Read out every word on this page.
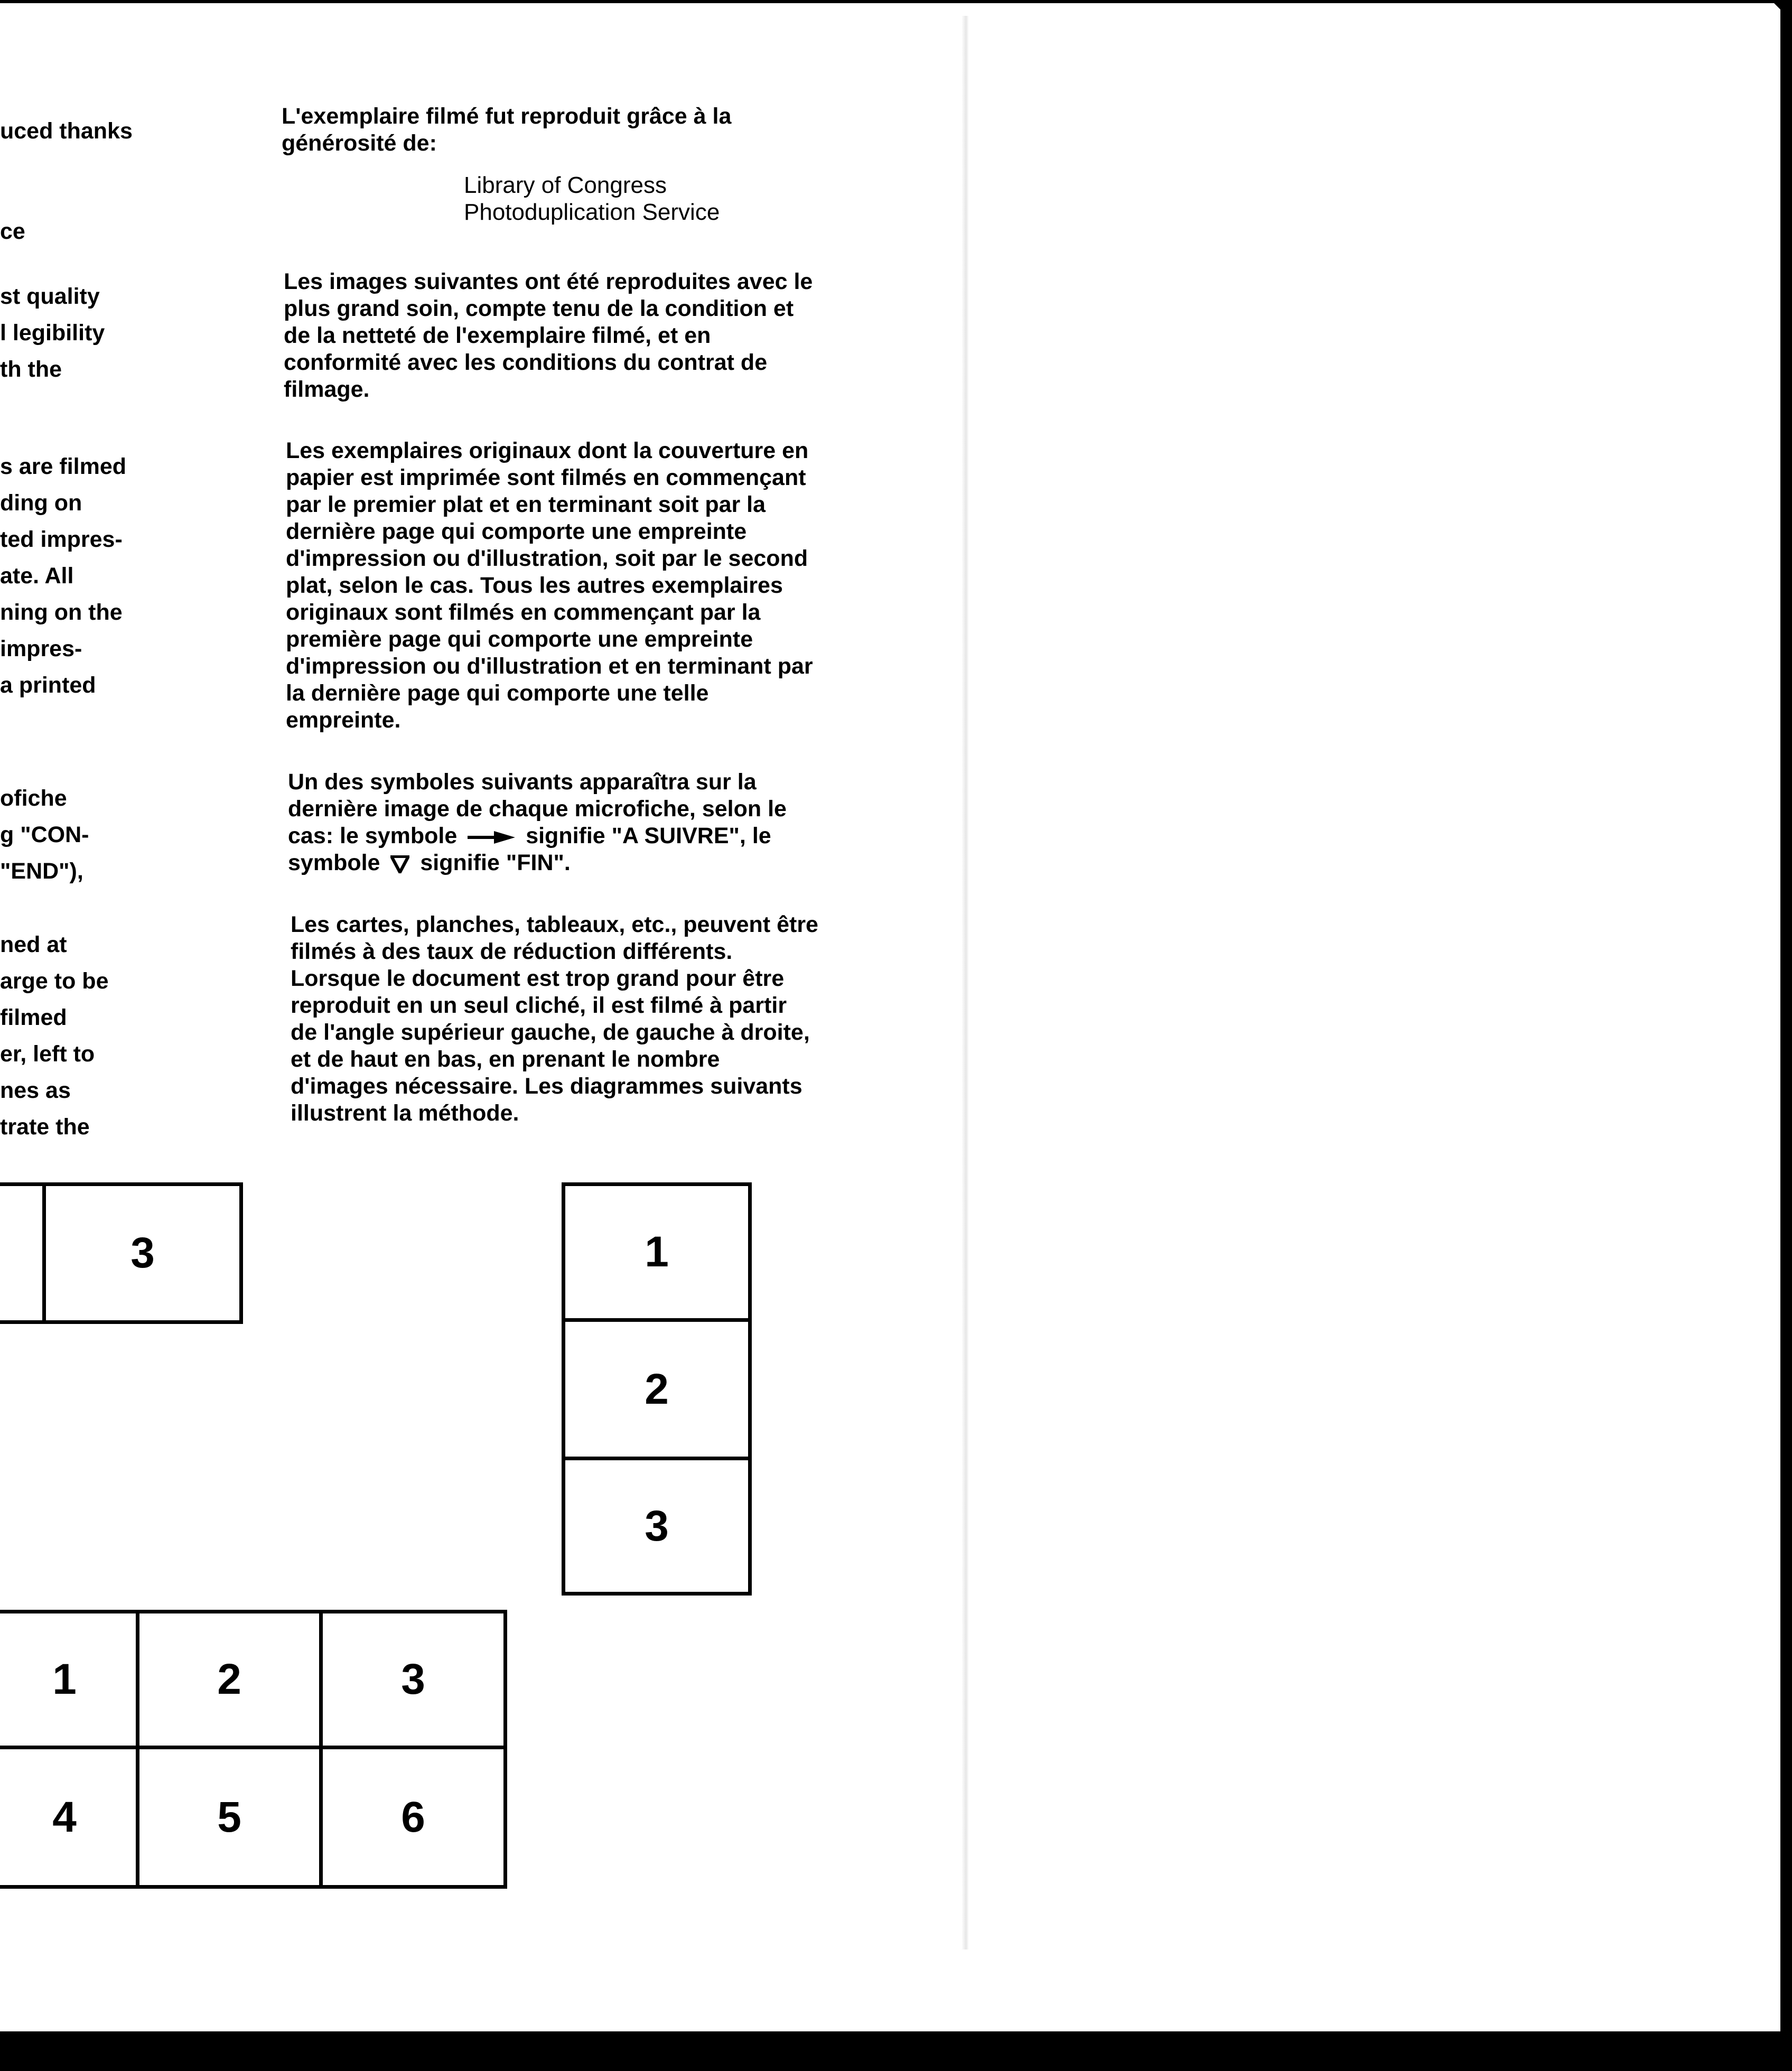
uced thanks

ce

st quality

l legibility

th the

s are filmed

ding on

ted impres-

ate. All

ning on the

impres-

a printed

ofiche

g "CON-

"END"),

ned at

arge to be

filmed

er, left to

nes as

trate the

L'exemplaire filmé fut reproduit grâce à la
générosité de:

Library of Congress
Photoduplication Service

Les images suivantes ont été reproduites avec le
plus grand soin, compte tenu de la condition et
de la netteté de l'exemplaire filmé, et en
conformité avec les conditions du contrat de
filmage.

Les exemplaires originaux dont la couverture en
papier est imprimée sont filmés en commençant
par le premier plat et en terminant soit par la
dernière page qui comporte une empreinte
d'impression ou d'illustration, soit par le second
plat, selon le cas. Tous les autres exemplaires
originaux sont filmés en commençant par la
première page qui comporte une empreinte
d'impression ou d'illustration et en terminant par
la dernière page qui comporte une telle
empreinte.

Un des symboles suivants apparaîtra sur la
dernière image de chaque microfiche, selon le
cas: le symbole	signifie "A SUIVRE", le
symbole signifie "FIN".

Les cartes, planches, tableaux, etc., peuvent être
filmés à des taux de réduction différents.
Lorsque le document est trop grand pour être
reproduit en un seul cliché, il est filmé à partir
de l'angle supérieur gauche, de gauche à droite,
et de haut en bas, en prenant le nombre
d'images nécessaire. Les diagrammes suivants
illustrent la méthode.

3	1
2
3
1	2	3
4	5	6
